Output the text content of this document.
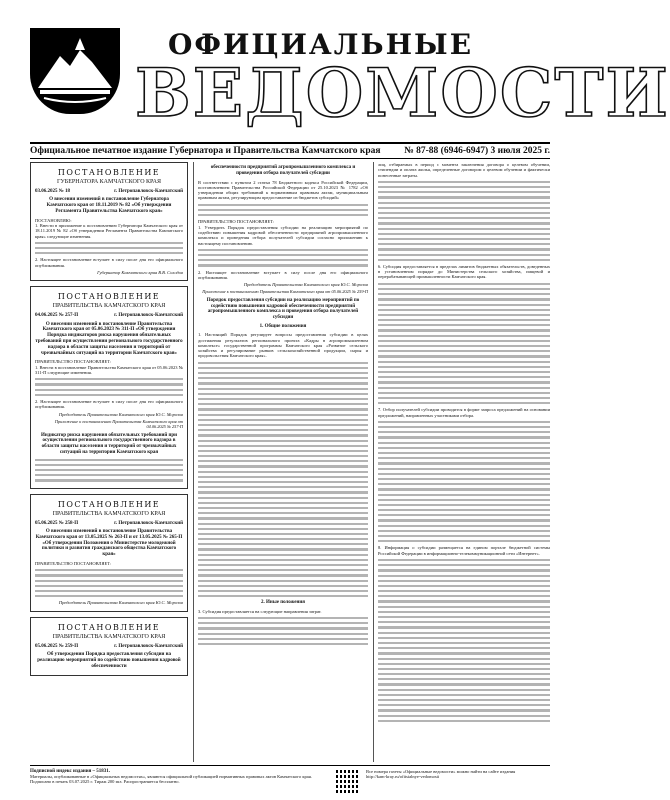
ОФИЦИАЛЬНЫЕ
ВЕДОМОСТИ
Официальное печатное издание Губернатора и Правительства Камчатского края № 87-88 (6946-6947) 3 июля 2025 г.
ПОСТАНОВЛЕНИЕ
ГУБЕРНАТОРА КАМЧАТСКОГО КРАЯ
03.06.2025 № 18	г. Петропавловск-Камчатский
О внесении изменений в постановление Губернатора Камчатского края от 18.11.2019 № 82 «Об утверждении Регламента Правительства Камчатского края»
ПОСТАНОВЛЯЮ:
1. Внести в приложение к постановлению Губернатора Камчатского края от 18.11.2019 № 82 «Об утверждении Регламента Правительства Камчатского края» следующие изменения.
2. Настоящее постановление вступает в силу после дня его официального опубликования.
Губернатор Камчатского края В.В. Солодов
ПОСТАНОВЛЕНИЕ
ПРАВИТЕЛЬСТВА КАМЧАТСКОГО КРАЯ
04.06.2025 № 257-П	г. Петропавловск-Камчатский
О внесении изменений в постановление Правительства Камчатского края от 05.06.2023 № 311-П «Об утверждении Порядка индикаторов риска нарушения обязательных требований при осуществлении регионального государственного надзора в области защиты населения и территорий от чрезвычайных ситуаций на территории Камчатского края»
ПРАВИТЕЛЬСТВО ПОСТАНОВЛЯЕТ:
1. Внести в постановление Правительства Камчатского края от 05.06.2023 № 311-П следующие изменения.
2. Настоящее постановление вступает в силу после дня его официального опубликования.
Председатель Правительства Камчатского края Ю.С. Морозов
Приложение к постановлению Правительства Камчатского края от 04.06.2025 № 257-П
Индикатор риска нарушения обязательных требований при осуществлении регионального государственного надзора в области защиты населения и территорий от чрезвычайных ситуаций на территории Камчатского края
ПОСТАНОВЛЕНИЕ
ПРАВИТЕЛЬСТВА КАМЧАТСКОГО КРАЯ
05.06.2025 № 258-П	г. Петропавловск-Камчатский
О внесении изменений в постановление Правительства Камчатского края от 13.05.2025 № 263-П и от 13.05.2025 № 265-П «Об утверждении Положения о Министерстве молодежной политики и развития гражданского общества Камчатского края»
ПРАВИТЕЛЬСТВО ПОСТАНОВЛЯЕТ:
Председатель Правительства Камчатского края Ю.С. Морозов
ПОСТАНОВЛЕНИЕ
ПРАВИТЕЛЬСТВА КАМЧАТСКОГО КРАЯ
05.06.2025 № 259-П	г. Петропавловск-Камчатский
Об утверждении Порядка предоставления субсидии на реализацию мероприятий по содействию повышения кадровой обеспеченности
обеспеченности предприятий агропромышленного комплекса и проведения отбора получателей субсидии
В соответствии с пунктом 2 статьи 78 Бюджетного кодекса Российской Федерации, постановлением Правительства Российской Федерации от 25.10.2023 № 1782 «Об утверждении общих требований к нормативным правовым актам, муниципальным правовым актам, регулирующим предоставление из бюджетов субсидий»
ПРАВИТЕЛЬСТВО ПОСТАНОВЛЯЕТ:
1. Утвердить Порядок предоставления субсидии на реализацию мероприятий по содействию повышения кадровой обеспеченности предприятий агропромышленного комплекса и проведения отбора получателей субсидии согласно приложению к настоящему постановлению.
2. Настоящее постановление вступает в силу после дня его официального опубликования.
Председатель Правительства Камчатского края Ю.С. Морозов
Приложение к постановлению Правительства Камчатского края от 05.06.2025 № 259-П
Порядок предоставления субсидии на реализацию мероприятий по содействию повышения кадровой обеспеченности предприятий агропромышленного комплекса и проведения отбора получателей субсидии
1. Общие положения
1. Настоящий Порядок регулирует вопросы предоставления субсидии в целях достижения результатов регионального проекта «Кадры в агропромышленном комплексе» государственной программы Камчатского края «Развитие сельского хозяйства и регулирование рынков сельскохозяйственной продукции, сырья и продовольствия Камчатского края».
2. Иные положения
3. Субсидия предоставляется на следующие направления затрат.
лиц, отбираемых в период с момента заключения договора о целевом обучении, стипендии и оплата жилья, определенные договором о целевом обучении и фактически понесенные затраты.
6. Субсидия предоставляется в пределах лимитов бюджетных обязательств, доведенных в установленном порядке до Министерства сельского хозяйства, пищевой и перерабатывающей промышленности Камчатского края.
7. Отбор получателей субсидии проводится в форме запроса предложений на основании предложений, направленных участниками отбора.
8. Информация о субсидии размещается на едином портале бюджетной системы Российской Федерации в информационно-телекоммуникационной сети «Интернет».
Подписной индекс издания – 51831.
Материалы, опубликованные в «Официальных ведомостях», являются официальной публикацией нормативных правовых актов Камчатского края.
Подписано в печать 03.07.2025 г. Тираж 200 экз. Распространяется бесплатно.
Все номера газеты «Официальные ведомости» можно найти на сайте издания
http://kam-kray.ru/ofitsialnye-vedomosti
